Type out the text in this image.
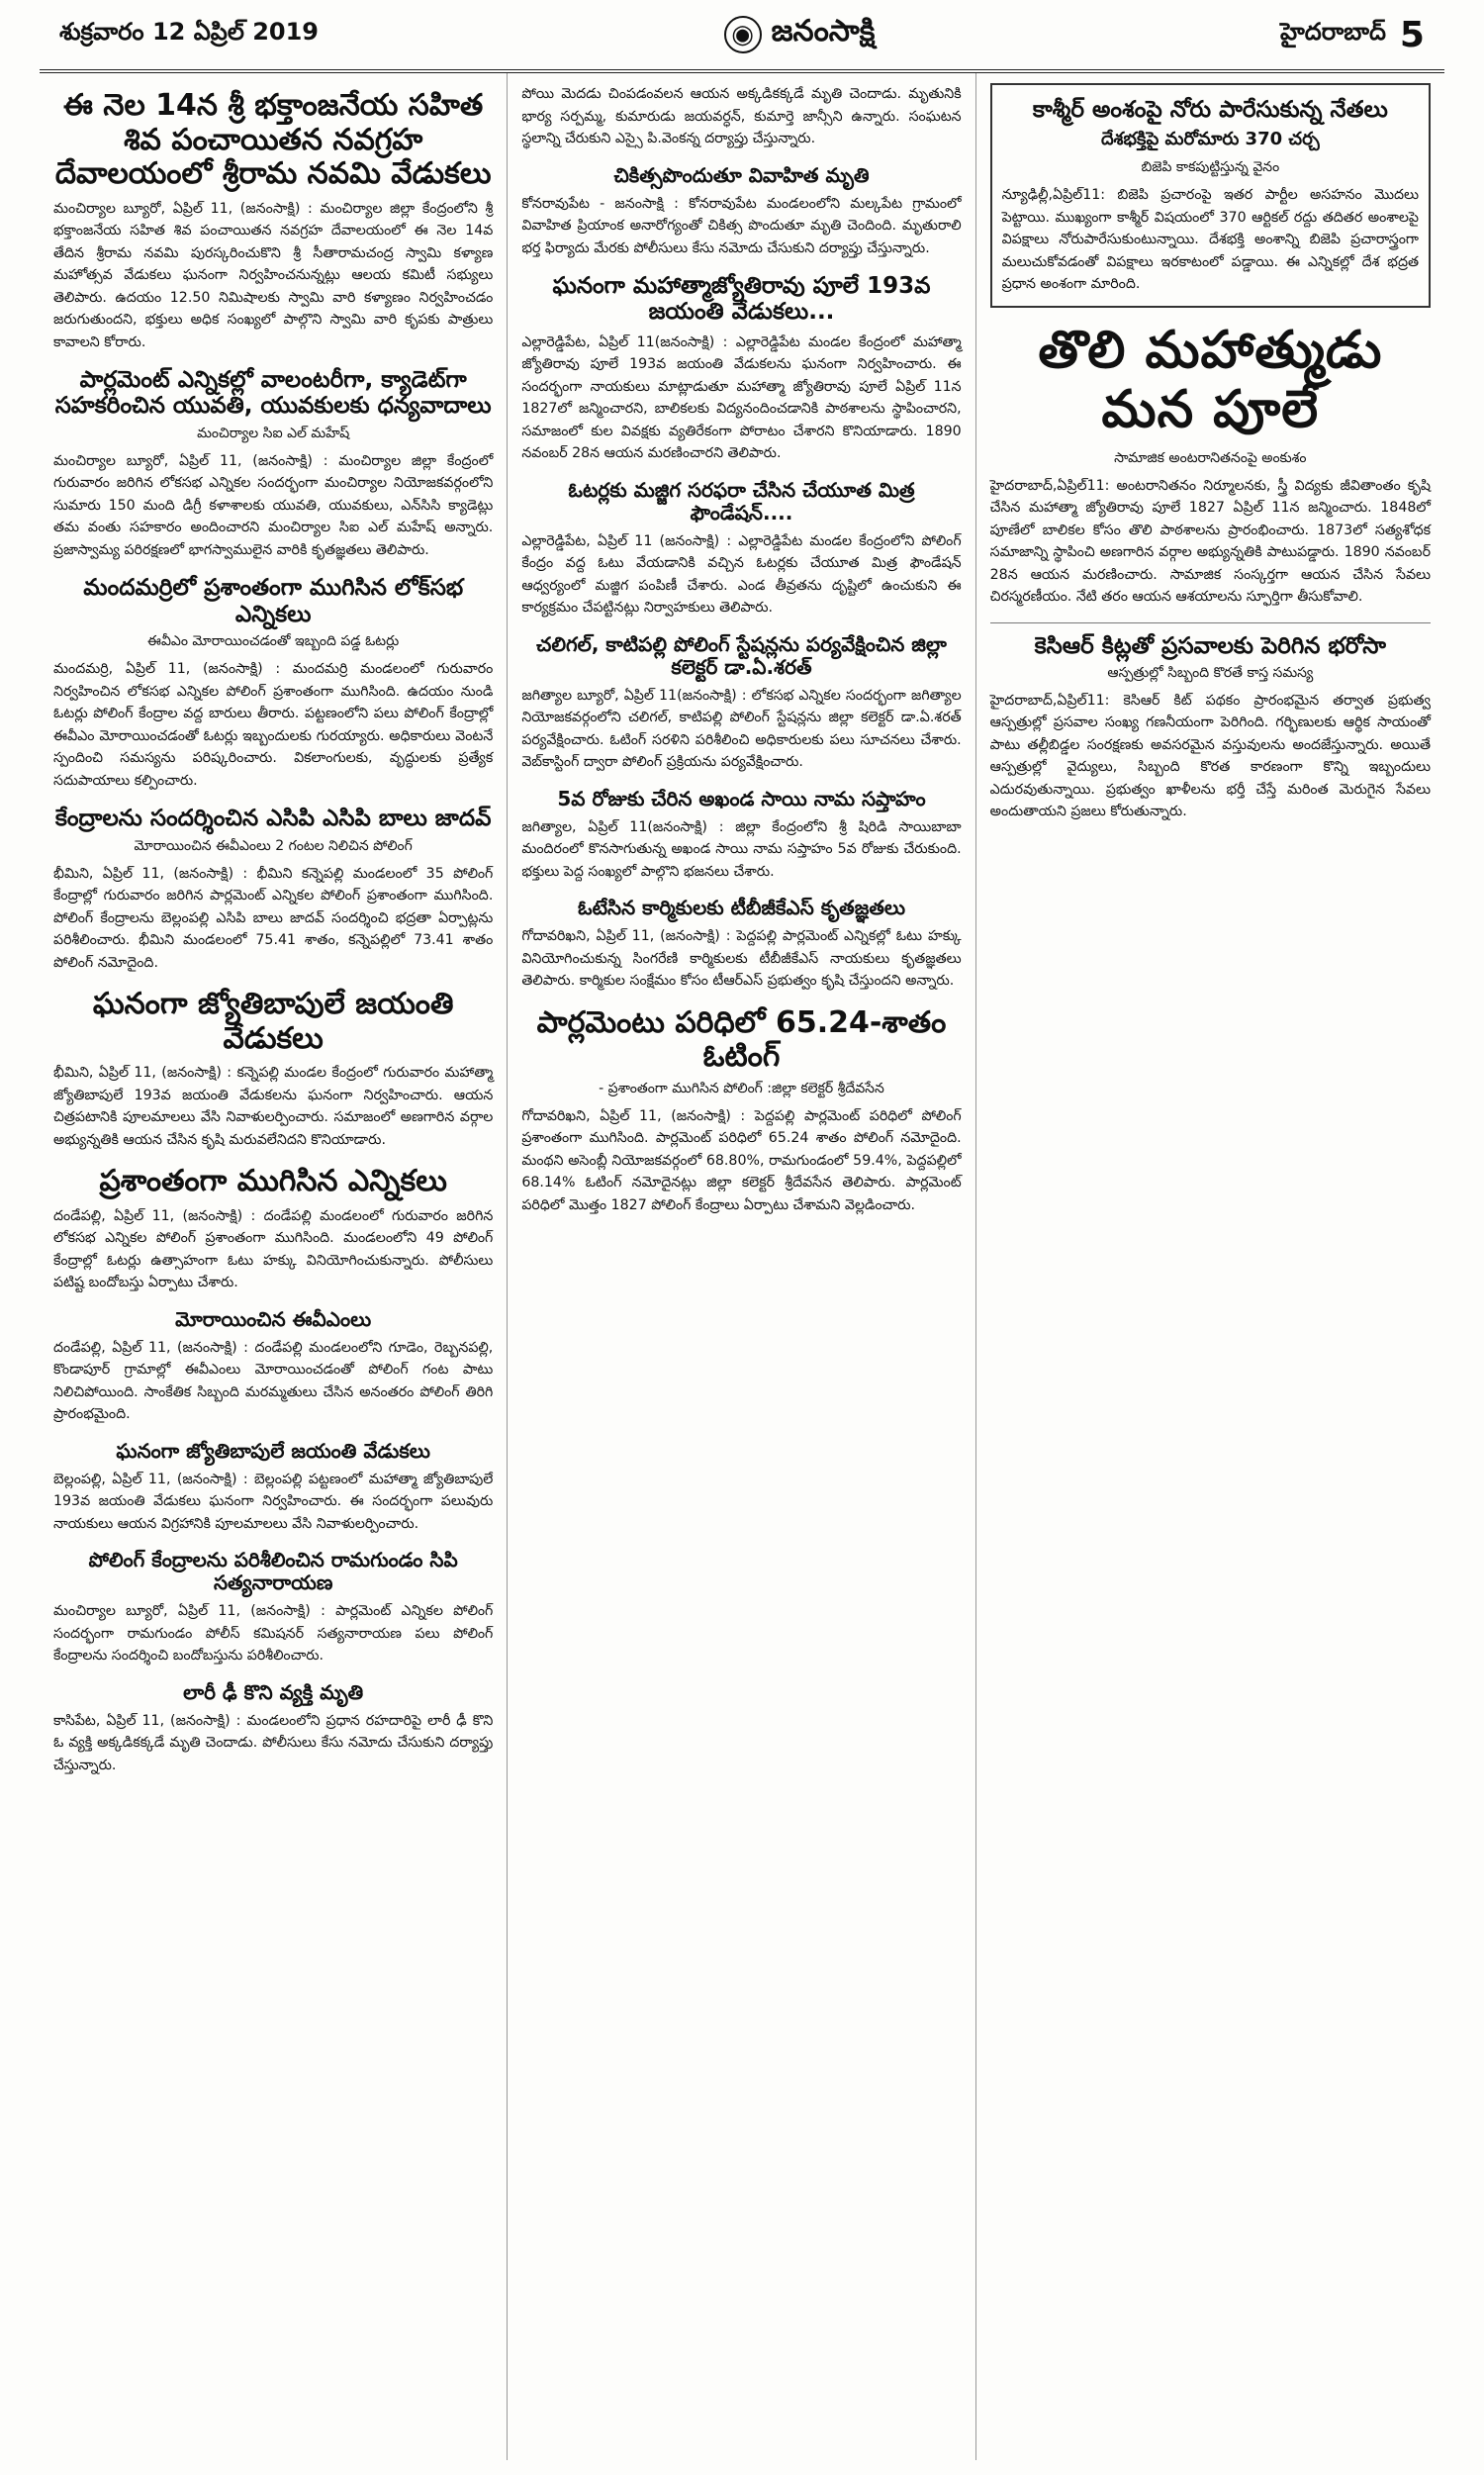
శుక్రవారం 12 ఏప్రిల్ 2019	◉ జనంసాక్షి	హైదరాబాద్ 5
ఈ నెల 14న శ్రీ భక్తాంజనేయ సహిత శివ పంచాయితన నవగ్రహ దేవాలయంలో శ్రీరామ నవమి వేడుకలు

మంచిర్యాల బ్యూరో, ఏప్రిల్ 11, (జనంసాక్షి) : మంచిర్యాల జిల్లా కేంద్రంలోని శ్రీ భక్తాంజనేయ సహిత శివ పంచాయితన నవగ్రహ దేవాలయంలో ఈ నెల 14వ తేదిన శ్రీరామ నవమి పురస్కరించుకొని శ్రీ సీతారామచంద్ర స్వామి కళ్యాణ మహోత్సవ వేడుకలు ఘనంగా నిర్వహించనున్నట్లు ఆలయ కమిటీ సభ్యులు తెలిపారు. ఉదయం 12.50 నిమిషాలకు స్వామి వారి కళ్యాణం నిర్వహించడం జరుగుతుందని, భక్తులు అధిక సంఖ్యలో పాల్గొని స్వామి వారి కృపకు పాత్రులు కావాలని కోరారు.

పార్లమెంట్ ఎన్నికల్లో వాలంటరీగా, క్యాడెట్‌గా సహకరించిన యువతి, యువకులకు ధన్యవాదాలు
మంచిర్యాల సిఐ ఎల్ మహేష్

మంచిర్యాల బ్యూరో, ఏప్రిల్ 11, (జనంసాక్షి) : మంచిర్యాల జిల్లా కేంద్రంలో గురువారం జరిగిన లోకసభ ఎన్నికల సందర్భంగా మంచిర్యాల నియోజకవర్గంలోని సుమారు 150 మంది డిగ్రీ కళాశాలకు యువతి, యువకులు, ఎన్‌సిసి క్యాడెట్లు తమ వంతు సహకారం అందించారని మంచిర్యాల సిఐ ఎల్ మహేష్ అన్నారు. ప్రజాస్వామ్య పరిరక్షణలో భాగస్వాములైన వారికి కృతజ్ఞతలు తెలిపారు.

మందమర్రిలో ప్రశాంతంగా ముగిసిన లోక్‌సభ ఎన్నికలు
ఈవీఎం మోరాయించడంతో ఇబ్బంది పడ్డ ఓటర్లు

మందమర్రి, ఏప్రిల్ 11, (జనంసాక్షి) : మందమర్రి మండలంలో గురువారం నిర్వహించిన లోకసభ ఎన్నికల పోలింగ్ ప్రశాంతంగా ముగిసింది. ఉదయం నుండి ఓటర్లు పోలింగ్ కేంద్రాల వద్ద బారులు తీరారు. పట్టణంలోని పలు పోలింగ్ కేంద్రాల్లో ఈవీఎం మోరాయించడంతో ఓటర్లు ఇబ్బందులకు గురయ్యారు. అధికారులు వెంటనే స్పందించి సమస్యను పరిష్కరించారు. వికలాంగులకు, వృద్ధులకు ప్రత్యేక సదుపాయాలు కల్పించారు.

కేంద్రాలను సందర్శించిన ఎసిపి ఎసిపి బాలు జాదవ్
మోరాయించిన ఈవీఎంలు 2 గంటల నిలిచిన పోలింగ్

భీమిని, ఏప్రిల్ 11, (జనంసాక్షి) : భీమిని కన్నెపల్లి మండలంలో 35 పోలింగ్ కేంద్రాల్లో గురువారం జరిగిన పార్లమెంట్ ఎన్నికల పోలింగ్ ప్రశాంతంగా ముగిసింది. పోలింగ్ కేంద్రాలను బెల్లంపల్లి ఎసిపి బాలు జాదవ్ సందర్శించి భద్రతా ఏర్పాట్లను పరిశీలించారు. భీమిని మండలంలో 75.41 శాతం, కన్నెపల్లిలో 73.41 శాతం పోలింగ్ నమోదైంది.

ఘనంగా జ్యోతిబాపులే జయంతి వేడుకలు

భీమిని, ఏప్రిల్ 11, (జనంసాక్షి) : కన్నెపల్లి మండల కేంద్రంలో గురువారం మహాత్మా జ్యోతిబాపులే 193వ జయంతి వేడుకలను ఘనంగా నిర్వహించారు. ఆయన చిత్రపటానికి పూలమాలలు వేసి నివాళులర్పించారు. సమాజంలో అణగారిన వర్గాల అభ్యున్నతికి ఆయన చేసిన కృషి మరువలేనిదని కొనియాడారు.

ప్రశాంతంగా ముగిసిన ఎన్నికలు

దండేపల్లి, ఏప్రిల్ 11, (జనంసాక్షి) : దండేపల్లి మండలంలో గురువారం జరిగిన లోకసభ ఎన్నికల పోలింగ్ ప్రశాంతంగా ముగిసింది. మండలంలోని 49 పోలింగ్ కేంద్రాల్లో ఓటర్లు ఉత్సాహంగా ఓటు హక్కు వినియోగించుకున్నారు. పోలీసులు పటిష్ట బందోబస్తు ఏర్పాటు చేశారు.

మోరాయించిన ఈవీఎంలు

దండేపల్లి, ఏప్రిల్ 11, (జనంసాక్షి) : దండేపల్లి మండలంలోని గూడెం, రెబ్బనపల్లి, కొండాపూర్ గ్రామాల్లో ఈవీఎంలు మోరాయించడంతో పోలింగ్ గంట పాటు నిలిచిపోయింది. సాంకేతిక సిబ్బంది మరమ్మతులు చేసిన అనంతరం పోలింగ్ తిరిగి ప్రారంభమైంది.

ఘనంగా జ్యోతిబాపులే జయంతి వేడుకలు

బెల్లంపల్లి, ఏప్రిల్ 11, (జనంసాక్షి) : బెల్లంపల్లి పట్టణంలో మహాత్మా జ్యోతిబాపులే 193వ జయంతి వేడుకలు ఘనంగా నిర్వహించారు. ఈ సందర్భంగా పలువురు నాయకులు ఆయన విగ్రహానికి పూలమాలలు వేసి నివాళులర్పించారు.

పోలింగ్ కేంద్రాలను పరిశీలించిన రామగుండం సిపి సత్యనారాయణ

మంచిర్యాల బ్యూరో, ఏప్రిల్ 11, (జనంసాక్షి) : పార్లమెంట్ ఎన్నికల పోలింగ్ సందర్భంగా రామగుండం పోలీస్ కమిషనర్ సత్యనారాయణ పలు పోలింగ్ కేంద్రాలను సందర్శించి బందోబస్తును పరిశీలించారు.

లారీ ఢీ కొని వ్యక్తి మృతి

కాసిపేట, ఏప్రిల్ 11, (జనంసాక్షి) : మండలంలోని ప్రధాన రహదారిపై లారీ ఢీ కొని ఓ వ్యక్తి అక్కడికక్కడే మృతి చెందాడు. పోలీసులు కేసు నమోదు చేసుకుని దర్యాప్తు చేస్తున్నారు.

పోయి మెదడు చింపడంవలన ఆయన అక్కడికక్కడే మృతి చెందాడు. మృతునికి భార్య సర్పమ్మ, కుమారుడు జయవర్ధన్, కుమార్తె జాన్సీని ఉన్నారు. సంఘటన స్థలాన్ని చేరుకుని ఎస్సై పి.వెంకన్న దర్యాప్తు చేస్తున్నారు.

చికిత్సపొందుతూ వివాహిత మృతి

కోనరావుపేట - జనంసాక్షి : కోనరావుపేట మండలంలోని మల్కపేట గ్రామంలో వివాహిత ప్రియాంక అనారోగ్యంతో చికిత్స పొందుతూ మృతి చెందింది. మృతురాలి భర్త ఫిర్యాదు మేరకు పోలీసులు కేసు నమోదు చేసుకుని దర్యాప్తు చేస్తున్నారు.

ఘనంగా మహాత్మాజ్యోతిరావు పూలే 193వ జయంతి వేడుకలు...

ఎల్లారెడ్డిపేట, ఏప్రిల్ 11(జనంసాక్షి) : ఎల్లారెడ్డిపేట మండల కేంద్రంలో మహాత్మా జ్యోతిరావు పూలే 193వ జయంతి వేడుకలను ఘనంగా నిర్వహించారు. ఈ సందర్భంగా నాయకులు మాట్లాడుతూ మహాత్మా జ్యోతిరావు పూలే ఏప్రిల్ 11న 1827లో జన్మించారని, బాలికలకు విద్యనందించడానికి పాఠశాలను స్థాపించారని, సమాజంలో కుల వివక్షకు వ్యతిరేకంగా పోరాటం చేశారని కొనియాడారు. 1890 నవంబర్ 28న ఆయన మరణించారని తెలిపారు.

ఓటర్లకు మజ్జిగ సరఫరా చేసిన చేయూత మిత్ర ఫౌండేషన్....

ఎల్లారెడ్డిపేట, ఏప్రిల్ 11 (జనంసాక్షి) : ఎల్లారెడ్డిపేట మండల కేంద్రంలోని పోలింగ్ కేంద్రం వద్ద ఓటు వేయడానికి వచ్చిన ఓటర్లకు చేయూత మిత్ర ఫౌండేషన్ ఆధ్వర్యంలో మజ్జిగ పంపిణీ చేశారు. ఎండ తీవ్రతను దృష్టిలో ఉంచుకుని ఈ కార్యక్రమం చేపట్టినట్లు నిర్వాహకులు తెలిపారు.

చలిగల్, కాటిపల్లి పోలింగ్ స్టేషన్లను పర్యవేక్షించిన జిల్లా కలెక్టర్ డా.ఏ.శరత్

జగిత్యాల బ్యూరో, ఏప్రిల్ 11(జనంసాక్షి) : లోకసభ ఎన్నికల సందర్భంగా జగిత్యాల నియోజకవర్గంలోని చలిగల్, కాటిపల్లి పోలింగ్ స్టేషన్లను జిల్లా కలెక్టర్ డా.ఏ.శరత్ పర్యవేక్షించారు. ఓటింగ్ సరళిని పరిశీలించి అధికారులకు పలు సూచనలు చేశారు. వెబ్‌కాస్టింగ్ ద్వారా పోలింగ్ ప్రక్రియను పర్యవేక్షించారు.

5వ రోజుకు చేరిన అఖండ సాయి నామ సప్తాహం

జగిత్యాల, ఏప్రిల్ 11(జనంసాక్షి) : జిల్లా కేంద్రంలోని శ్రీ షిరిడి సాయిబాబా మందిరంలో కొనసాగుతున్న అఖండ సాయి నామ సప్తాహం 5వ రోజుకు చేరుకుంది. భక్తులు పెద్ద సంఖ్యలో పాల్గొని భజనలు చేశారు.

ఓటేసిన కార్మికులకు టీబీజీకేఎస్ కృతజ్ఞతలు

గోదావరిఖని, ఏప్రిల్ 11, (జనంసాక్షి) : పెద్దపల్లి పార్లమెంట్ ఎన్నికల్లో ఓటు హక్కు వినియోగించుకున్న సింగరేణి కార్మికులకు టీబీజీకేఎస్ నాయకులు కృతజ్ఞతలు తెలిపారు. కార్మికుల సంక్షేమం కోసం టీఆర్ఎస్ ప్రభుత్వం కృషి చేస్తుందని అన్నారు.

పార్లమెంటు పరిధిలో 65.24-శాతం ఓటింగ్
- ప్రశాంతంగా ముగిసిన పోలింగ్ :జిల్లా కలెక్టర్ శ్రీదేవసేన

గోదావరిఖని, ఏప్రిల్ 11, (జనంసాక్షి) : పెద్దపల్లి పార్లమెంట్ పరిధిలో పోలింగ్ ప్రశాంతంగా ముగిసింది. పార్లమెంట్ పరిధిలో 65.24 శాతం పోలింగ్ నమోదైంది. మంథని అసెంబ్లీ నియోజకవర్గంలో 68.80%, రామగుండంలో 59.4%, పెద్దపల్లిలో 68.14% ఓటింగ్ నమోదైనట్లు జిల్లా కలెక్టర్ శ్రీదేవసేన తెలిపారు. పార్లమెంట్ పరిధిలో మొత్తం 1827 పోలింగ్ కేంద్రాలు ఏర్పాటు చేశామని వెల్లడించారు.

కాశ్మీర్ అంశంపై నోరు పారేసుకున్న నేతలు
దేశభక్తిపై మరోమారు 370 చర్చ
బిజెపి కాకపుట్టిస్తున్న వైనం

న్యూఢిల్లీ,ఏప్రిల్11: బిజెపి ప్రచారంపై ఇతర పార్టీల అసహనం మొదలు పెట్టాయి. ముఖ్యంగా కాశ్మీర్ విషయంలో 370 ఆర్టికల్ రద్దు తదితర అంశాలపై విపక్షాలు నోరుపారేసుకుంటున్నాయి. దేశభక్తి అంశాన్ని బిజెపి ప్రచారాస్త్రంగా మలుచుకోవడంతో విపక్షాలు ఇరకాటంలో పడ్డాయి. ఈ ఎన్నికల్లో దేశ భద్రత ప్రధాన అంశంగా మారింది.

తొలి మహాత్ముడు మన పూలే
సామాజిక అంటరానితనంపై అంకుశం

హైదరాబాద్,ఏప్రిల్11: అంటరానితనం నిర్మూలనకు, స్త్రీ విద్యకు జీవితాంతం కృషి చేసిన మహాత్మా జ్యోతిరావు పూలే 1827 ఏప్రిల్ 11న జన్మించారు. 1848లో పూణేలో బాలికల కోసం తొలి పాఠశాలను ప్రారంభించారు. 1873లో సత్యశోధక సమాజాన్ని స్థాపించి అణగారిన వర్గాల అభ్యున్నతికి పాటుపడ్డారు. 1890 నవంబర్ 28న ఆయన మరణించారు. సామాజిక సంస్కర్తగా ఆయన చేసిన సేవలు చిరస్మరణీయం. నేటి తరం ఆయన ఆశయాలను స్ఫూర్తిగా తీసుకోవాలి.

కెసిఆర్ కిట్లతో ప్రసవాలకు పెరిగిన భరోసా
ఆస్పత్రుల్లో సిబ్బంది కొరతే కాస్త సమస్య

హైదరాబాద్,ఏప్రిల్11: కెసిఆర్ కిట్ పథకం ప్రారంభమైన తర్వాత ప్రభుత్వ ఆస్పత్రుల్లో ప్రసవాల సంఖ్య గణనీయంగా పెరిగింది. గర్భిణులకు ఆర్థిక సాయంతో పాటు తల్లీబిడ్డల సంరక్షణకు అవసరమైన వస్తువులను అందజేస్తున్నారు. అయితే ఆస్పత్రుల్లో వైద్యులు, సిబ్బంది కొరత కారణంగా కొన్ని ఇబ్బందులు ఎదురవుతున్నాయి. ప్రభుత్వం ఖాళీలను భర్తీ చేస్తే మరింత మెరుగైన సేవలు అందుతాయని ప్రజలు కోరుతున్నారు.
